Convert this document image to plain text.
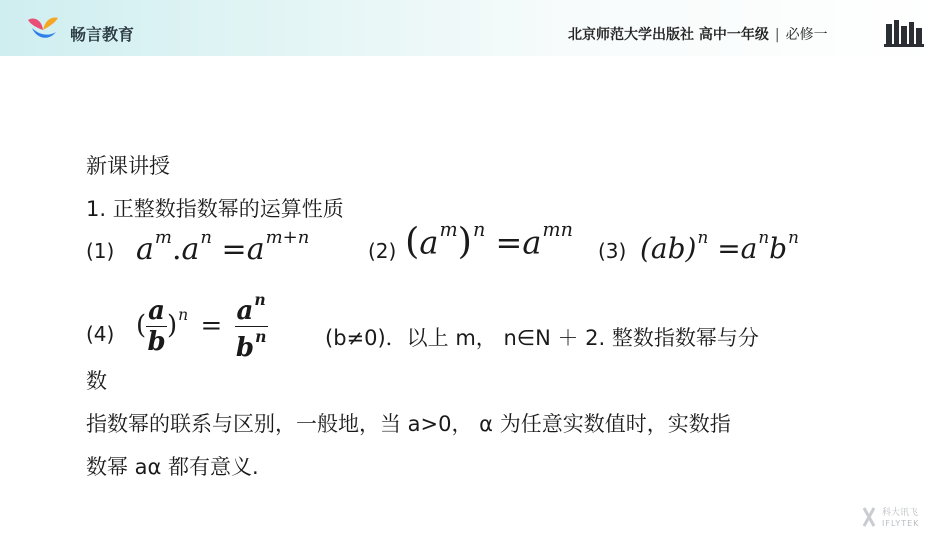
畅言教育	北京师范大学出版社 高中一年级 | 必修一
新课讲授
1. 正整数指数幂的运算性质
(1) $a^m.a^n =a^{m+n}$
(2) $(a^m)^n =a^{mn}$
(3) $(ab)^n =a^nb^n$
(4) ( $\frac{a}{b} )^n = \frac{a^n}{b^n}$	(b≠0)．以上 m， n∈N ＋ 2. 整数指数幂与分
数
指数幂的联系与区别，一般地，当 a>0， α 为任意实数值时，实数指
数幂 aα 都有意义.
科大讯飞
IFLYTEK
